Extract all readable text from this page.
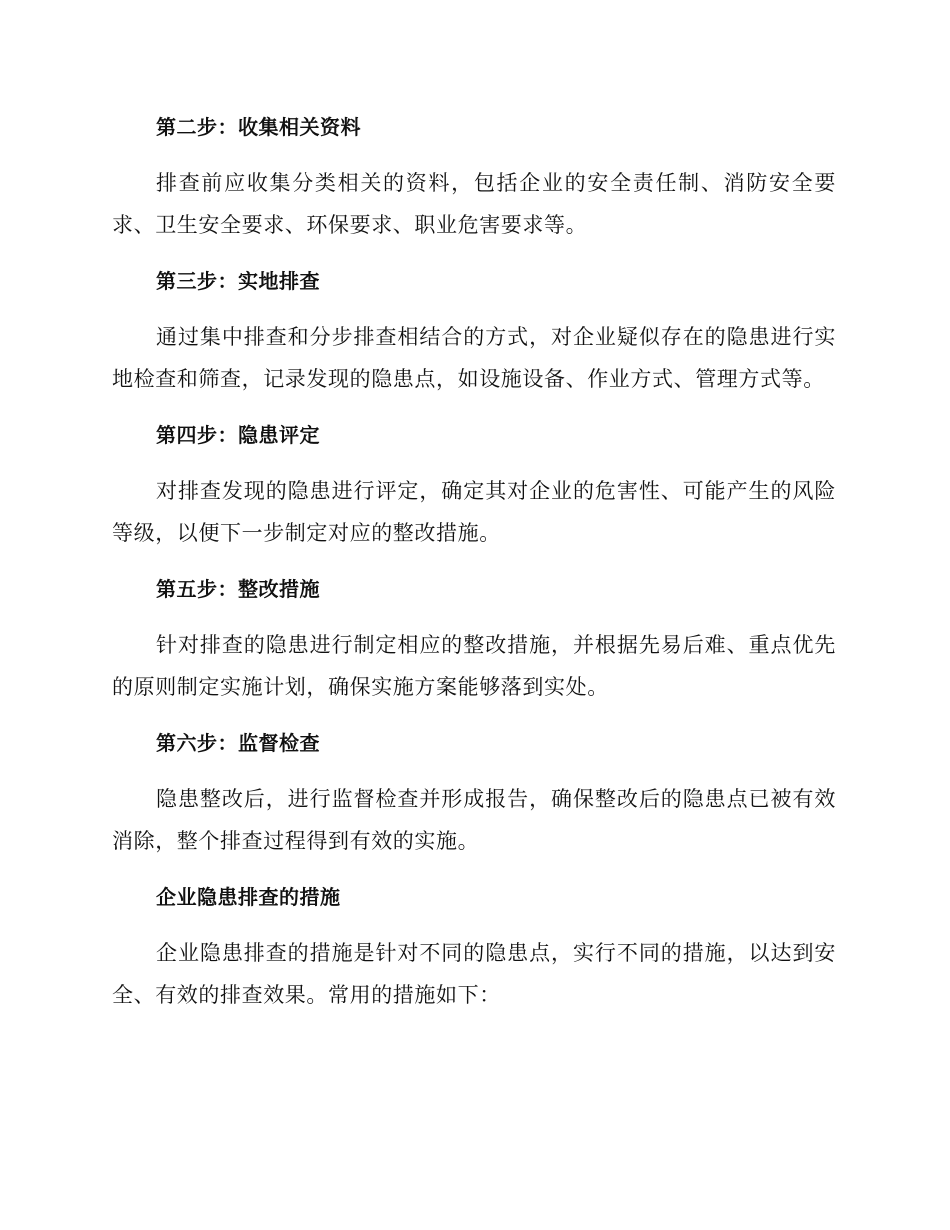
第二步：收集相关资料

排查前应收集分类相关的资料，包括企业的安全责任制、消防安全要求、卫生安全要求、环保要求、职业危害要求等。

第三步：实地排查

通过集中排查和分步排查相结合的方式，对企业疑似存在的隐患进行实地检查和筛查，记录发现的隐患点，如设施设备、作业方式、管理方式等。

第四步：隐患评定

对排查发现的隐患进行评定，确定其对企业的危害性、可能产生的风险等级，以便下一步制定对应的整改措施。

第五步：整改措施

针对排查的隐患进行制定相应的整改措施，并根据先易后难、重点优先的原则制定实施计划，确保实施方案能够落到实处。

第六步：监督检查

隐患整改后，进行监督检查并形成报告，确保整改后的隐患点已被有效消除，整个排查过程得到有效的实施。

企业隐患排查的措施

企业隐患排查的措施是针对不同的隐患点，实行不同的措施，以达到安全、有效的排查效果。常用的措施如下：
